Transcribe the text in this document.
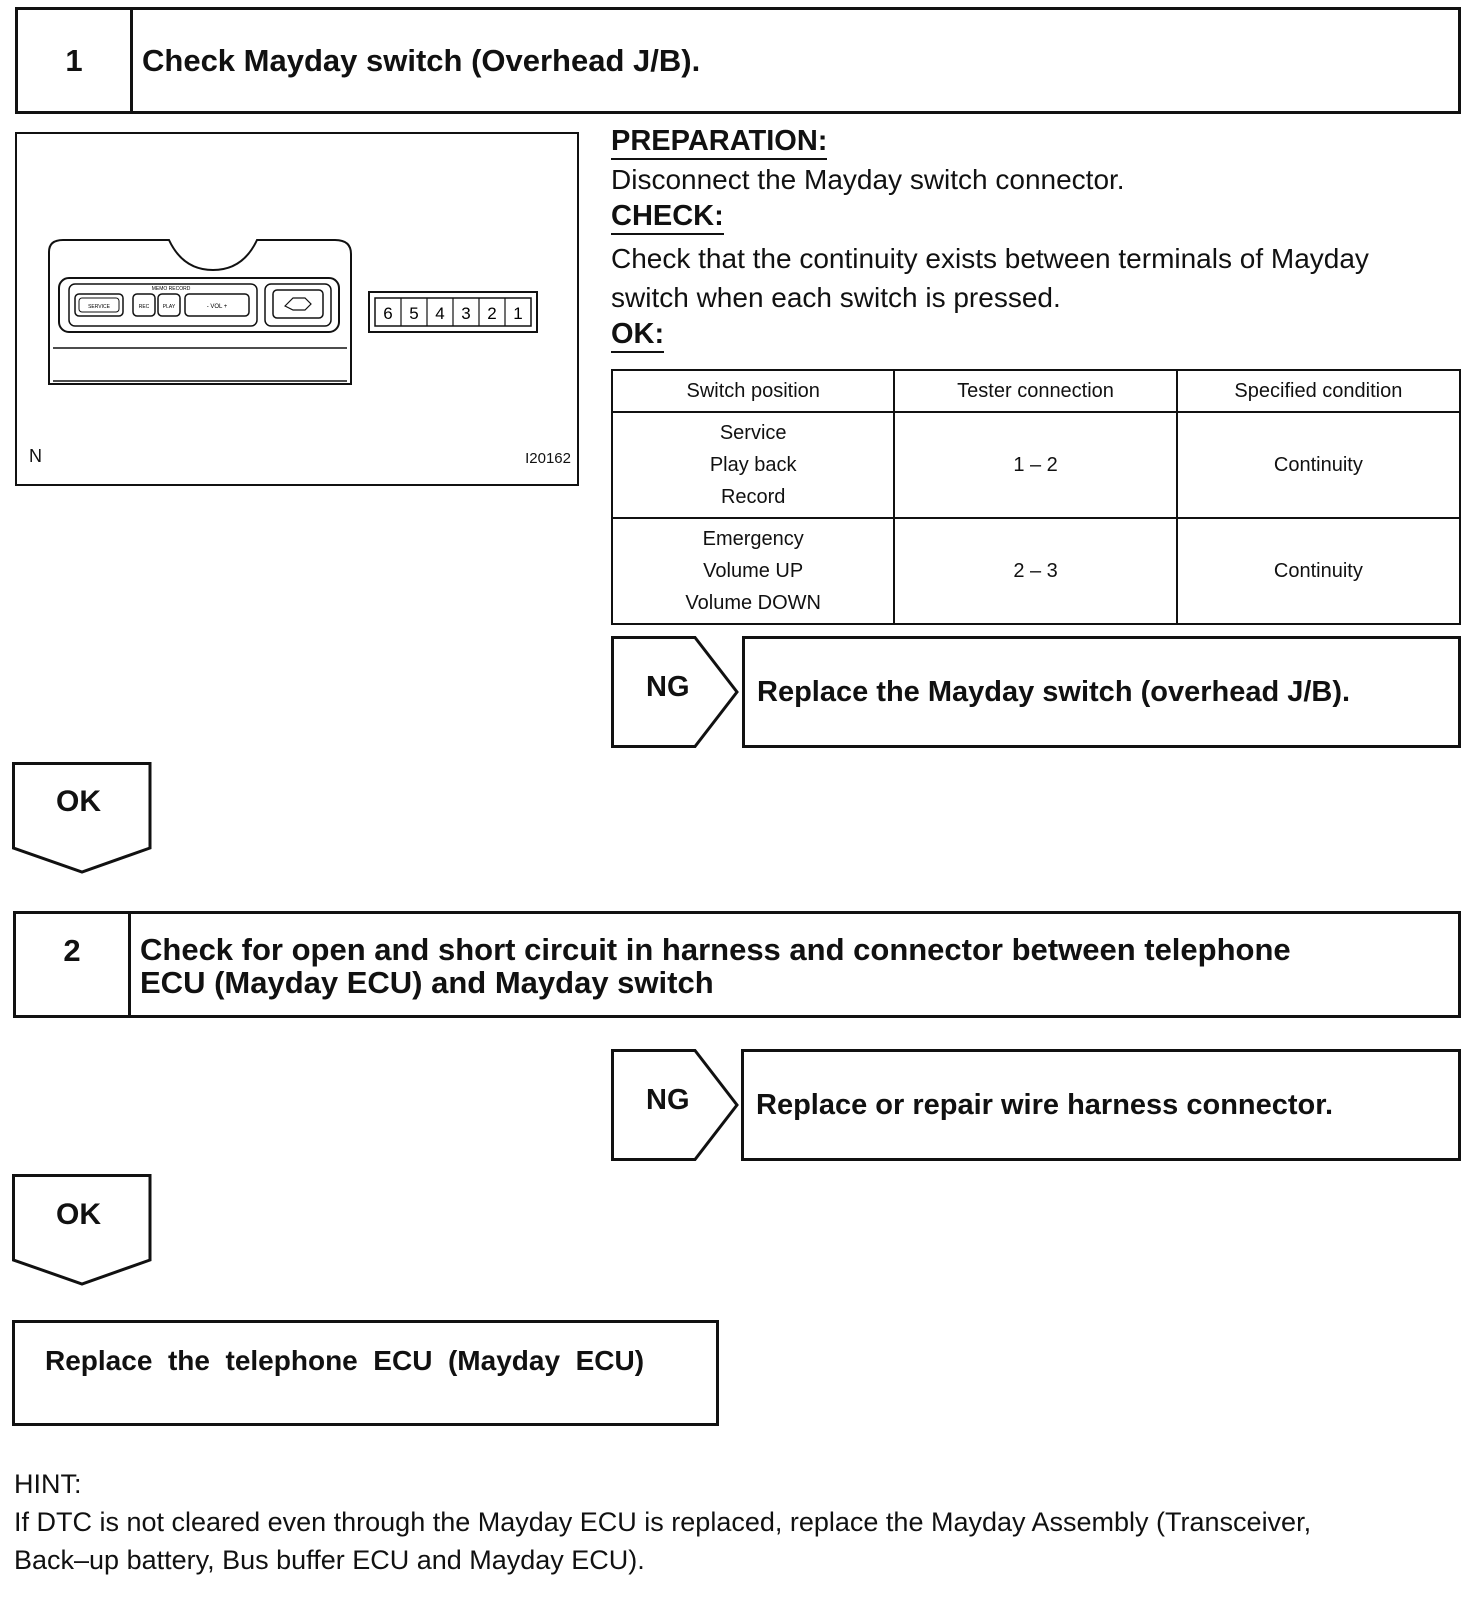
1	Check Mayday switch (Overhead J/B).
MEMO RECORD
SERVICE	REC	PLAY	- VOL +	6 5 4 3 2 1
N	I20162
PREPARATION:
Disconnect the Mayday switch connector.
CHECK:
Check that the continuity exists between terminals of Mayday
switch when each switch is pressed.
OK:
Switch position	Tester connection	Specified condition

Service
Play back
Record	1 – 2	Continuity

Emergency
Volume UP
Volume DOWN	2 – 3	Continuity
NG Replace the Mayday switch (overhead J/B).
OK
2	Check for open and short circuit in harness and connector between telephone
ECU (Mayday ECU) and Mayday switch
NG Replace or repair wire harness connector.
OK
Replace  the  telephone  ECU  (Mayday  ECU)
HINT:
If DTC is not cleared even through the Mayday ECU is replaced, replace the Mayday Assembly (Transceiver,
Back–up battery, Bus buffer ECU and Mayday ECU).
